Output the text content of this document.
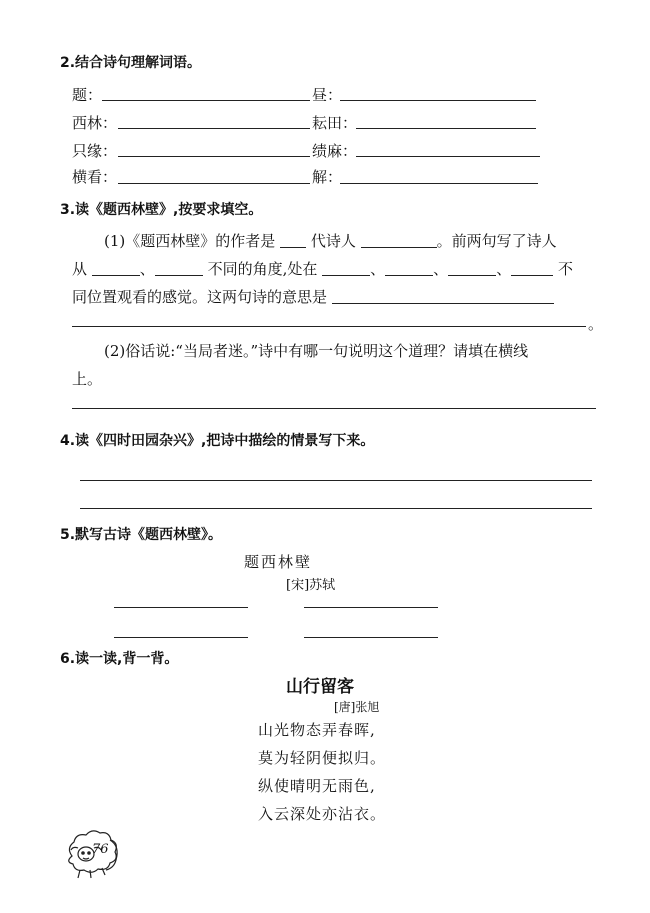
2.结合诗句理解词语。
题：	昼：
西林：	耘田：
只缘：	绩麻：
横看：	解：
3.读《题西林壁》,按要求填空。
(1)《题西林壁》的作者是 代诗人	。前两句写了诗人
从	、	不同的角度,处在	、	、	、	不
同位置观看的感觉。这两句诗的意思是
。
(2)俗话说:“当局者迷。”诗中有哪一句说明这个道理？请填在横线
上。
4.读《四时田园杂兴》,把诗中描绘的情景写下来。
5.默写古诗《题西林壁》。
题西林壁
[宋]苏轼
6.读一读,背一背。
山行留客
[唐]张旭
山光物态弄春晖,
莫为轻阴便拟归。
纵使晴明无雨色,
入云深处亦沾衣。
76
